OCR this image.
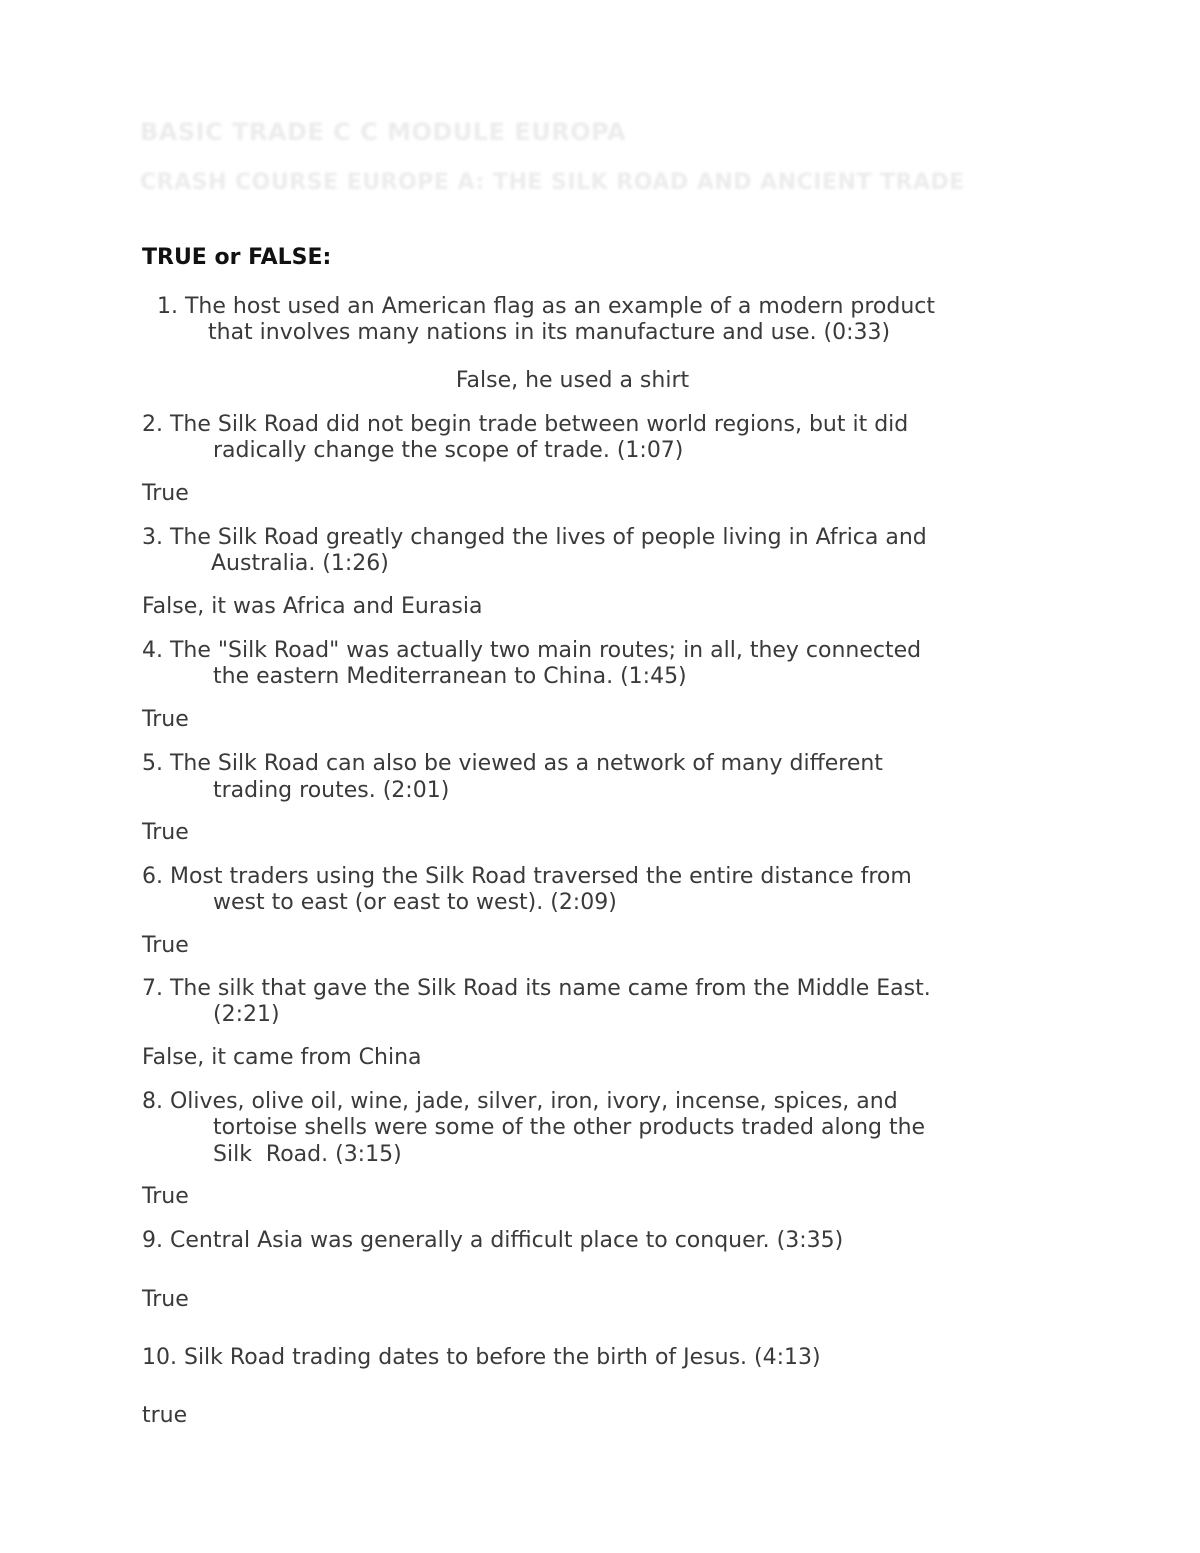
BASIC TRADE C C MODULE EUROPA
CRASH COURSE EUROPE A: THE SILK ROAD AND ANCIENT TRADE
TRUE or FALSE:
1. The host used an American flag as an example of a modern product
that involves many nations in its manufacture and use. (0:33)
False, he used a shirt
2. The Silk Road did not begin trade between world regions, but it did
radically change the scope of trade. (1:07)
True
3. The Silk Road greatly changed the lives of people living in Africa and
Australia. (1:26)
False, it was Africa and Eurasia
4. The "Silk Road" was actually two main routes; in all, they connected
the eastern Mediterranean to China. (1:45)
True
5. The Silk Road can also be viewed as a network of many different
trading routes. (2:01)
True
6. Most traders using the Silk Road traversed the entire distance from
west to east (or east to west). (2:09)
True
7. The silk that gave the Silk Road its name came from the Middle East.
(2:21)
False, it came from China
8. Olives, olive oil, wine, jade, silver, iron, ivory, incense, spices, and
tortoise shells were some of the other products traded along the
Silk  Road. (3:15)
True
9. Central Asia was generally a difficult place to conquer. (3:35)
True
10. Silk Road trading dates to before the birth of Jesus. (4:13)
true
